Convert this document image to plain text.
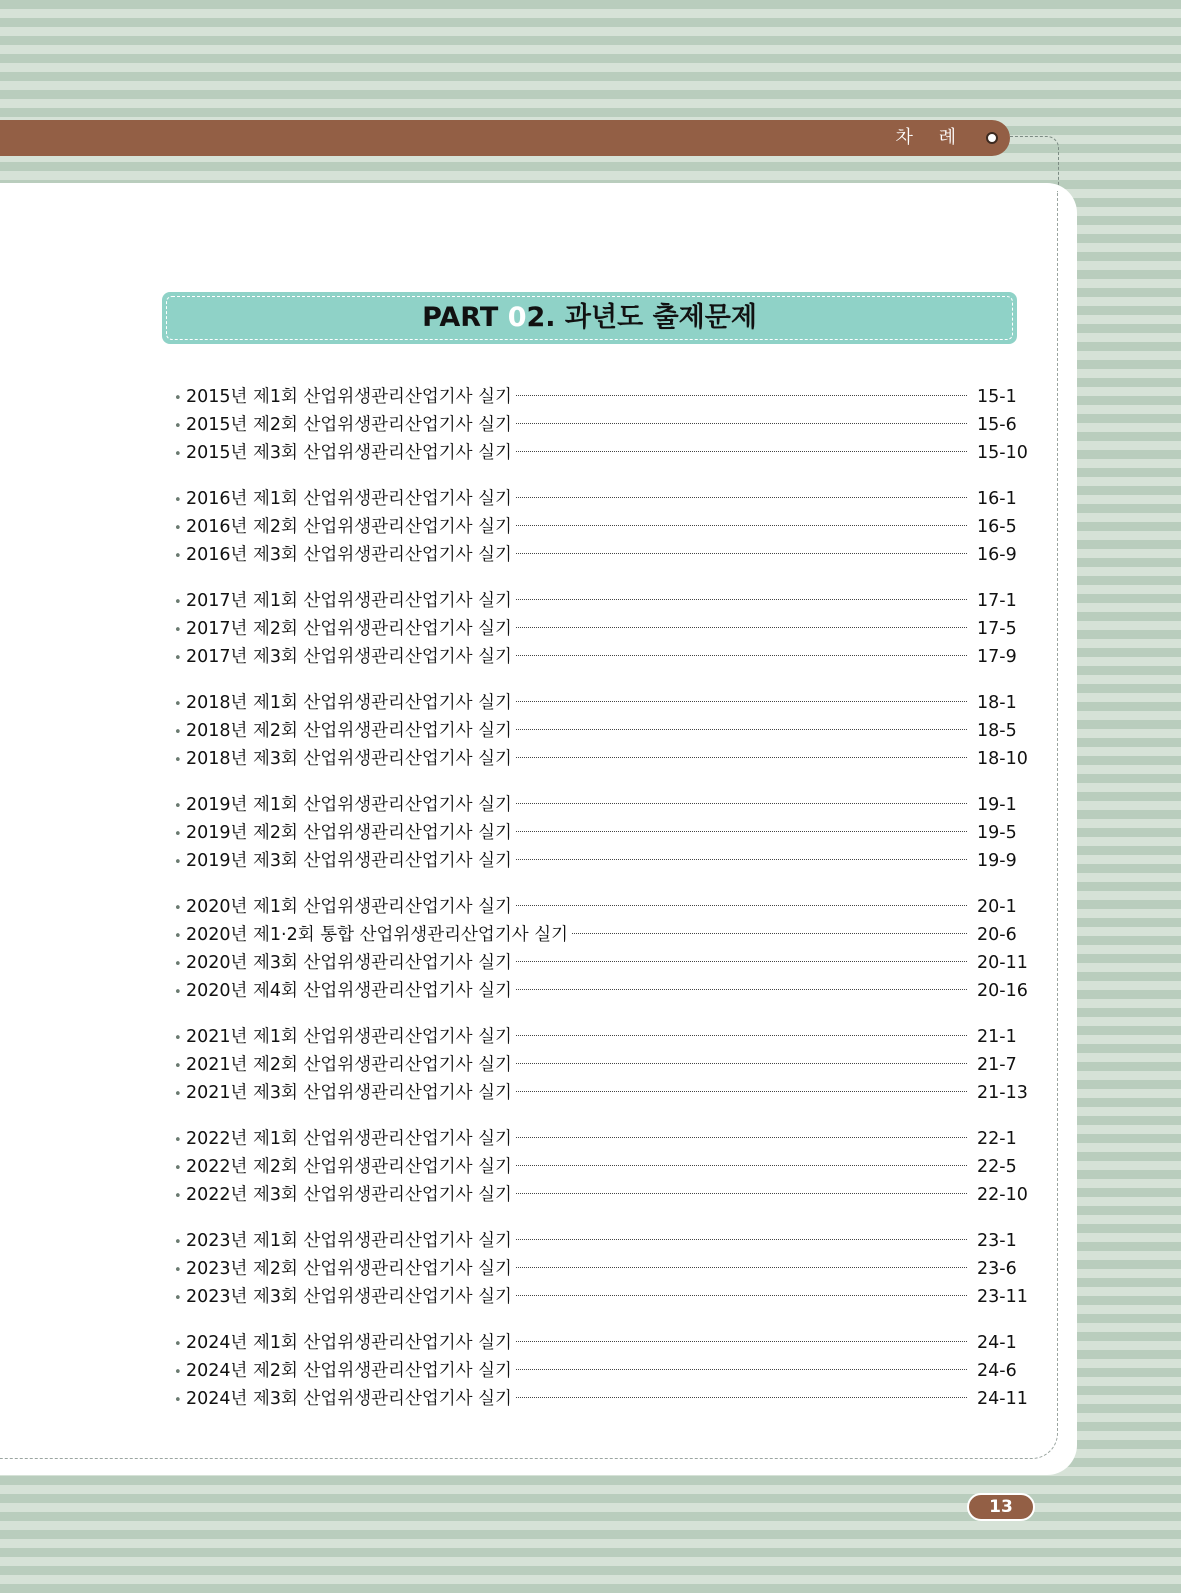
차 례
PART 02. 과년도 출제문제
• 2015년 제1회 산업위생관리산업기사 실기	15-1
• 2015년 제2회 산업위생관리산업기사 실기	15-6
• 2015년 제3회 산업위생관리산업기사 실기	15-10
• 2016년 제1회 산업위생관리산업기사 실기	16-1
• 2016년 제2회 산업위생관리산업기사 실기	16-5
• 2016년 제3회 산업위생관리산업기사 실기	16-9
• 2017년 제1회 산업위생관리산업기사 실기	17-1
• 2017년 제2회 산업위생관리산업기사 실기	17-5
• 2017년 제3회 산업위생관리산업기사 실기	17-9
• 2018년 제1회 산업위생관리산업기사 실기	18-1
• 2018년 제2회 산업위생관리산업기사 실기	18-5
• 2018년 제3회 산업위생관리산업기사 실기	18-10
• 2019년 제1회 산업위생관리산업기사 실기	19-1
• 2019년 제2회 산업위생관리산업기사 실기	19-5
• 2019년 제3회 산업위생관리산업기사 실기	19-9
• 2020년 제1회 산업위생관리산업기사 실기	20-1
• 2020년 제1·2회 통합 산업위생관리산업기사 실기	20-6
• 2020년 제3회 산업위생관리산업기사 실기	20-11
• 2020년 제4회 산업위생관리산업기사 실기	20-16
• 2021년 제1회 산업위생관리산업기사 실기	21-1
• 2021년 제2회 산업위생관리산업기사 실기	21-7
• 2021년 제3회 산업위생관리산업기사 실기	21-13
• 2022년 제1회 산업위생관리산업기사 실기	22-1
• 2022년 제2회 산업위생관리산업기사 실기	22-5
• 2022년 제3회 산업위생관리산업기사 실기	22-10
• 2023년 제1회 산업위생관리산업기사 실기	23-1
• 2023년 제2회 산업위생관리산업기사 실기	23-6
• 2023년 제3회 산업위생관리산업기사 실기	23-11
• 2024년 제1회 산업위생관리산업기사 실기	24-1
• 2024년 제2회 산업위생관리산업기사 실기	24-6
• 2024년 제3회 산업위생관리산업기사 실기	24-11
13
